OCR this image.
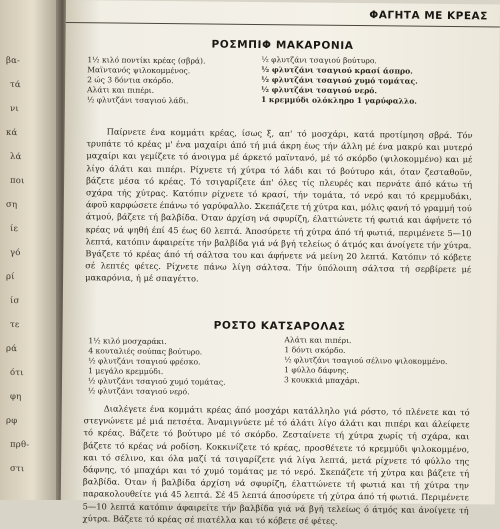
βα-
τά
νι
κά
λά
ποι
ση
ίε
γό
ρί
ίσ
τε
ρά
ότι
φη
ρφ
πρθ-
στι
ΦΑΓΗΤΑ ΜΕ ΚΡΕΑΣ
ΡΟΣΜΠΙΦ ΜΑΚΑΡΟΝΙΑ
1½ κιλό ποντίκι κρέας (σβρά).
Μαϊντανός ψιλοκομμένος.
2 ώς 3 δόντια σκόρδο.
Αλάτι και πιπέρι.
½ φλυτζάνι τσαγιού λάδι.
½ φλυτζάνι τσαγιού βούτυρο.
½ φλυτζάνι τσαγιού κρασί άσπρο.
½ φλυτζάνι τσαγιού χυμό τομάτας.
½ φλυτζάνι τσαγιού νερό.
1 κρεμμύδι ολόκληρο 1 γαρύφαλλο.
Παίρνετε ένα κομμάτι κρέας, ίσως ξ, απ' τό μοσχάρι, κατά προτίμηση σβρά. Τόν τρυπάτε τό κρέας μ' ένα μαχαίρι άπό τή μιά άκρη έως τήν άλλη μέ ένα μακρύ και μυτερό μαχαίρι και γεμίζετε τό άνοιγμα μέ άρκετό μαϊντανό, μέ τό σκόρδο (ψιλοκομμένο) και μέ λίγο άλάτι και πιπέρι. Ρίχνετε τή χύτρα τό λάδι και τό βούτυρο κάι, όταν ζεσταθοῦν, βάζετε μέσα τό κρέας. Τό τσιγαρίζετε άπ' όλες τίς πλευρές και περνάτε άπό κάτω τή σχάρα τής χύτρας. Κατόπιν ρίχνετε τό κρασί, τήν τομάτα, τό νερό και τό κρεμμυδάκι, άφοϋ καρφώσετε έπάνω τό γαρύφαλλο. Σκεπάζετε τή χύτρα και, μόλις φανή τό γραμμή τού άτμού, βάζετε τή βαλβίδα. Όταν άρχίση νά σφυρίζη, έλαττώνετε τή φωτιά και άφήνετε τό κρέας νά ψηθή έπί 45 έως 60 λεπτά. Άποσύρετε τή χύτρα άπό τή φωτιά, περιμένετε 5—10 λεπτά, κατόπιν άφαιρείτε τήν βαλβίδα γιά νά βγή τελείως ό άτμός και άνοίγετε τήν χύτρα. Βγάζετε τό κρέας άπό τή σάλτσα του και άφήνετε νά μείνη 20 λεπτά. Κατόπιν τό κόβετε σέ λεπτές φέτες. Ρίχνετε πάνω λίγη σάλτσα. Τήν ύπόλοιπη σάλτσα τή σερβίρετε μέ μακαρόνια, ή μέ σπαγέττο.
ΡΟΣΤΟ ΚΑΤΣΑΡΟΛΑΣ
1½ κιλό μοσχαράκι.
4 κουταλιές σούπας βούτυρο.
½ φλυτζάνι τσαγιού φρέσκο.
1 μεγάλο κρεμμύδι.
½ φλυτζάνι τσαγιού χυμό τομάτας.
½ φλυτζάνι τσαγιού νερό.
Αλάτι και πιπέρι.
1 δόντι σκόρδο.
½ φλυτζάνι τσαγιού σέλινο ψιλοκομμένο.
1 φύλλο δάφνης.
3 κουκκιά μπαχάρι.
Διαλέγετε ένα κομμάτι κρέας άπό μοσχάρι κατάλληλο γιά ρόστο, τό πλένετε και τό στεγνώνετε μέ μιά πετσέτα. Άναμιγνύετε μέ τό άλάτι λίγο άλάτι και πιπέρι και άλείφετε τό κρέας. Βάζετε τό βούτυρο μέ τό σκόρδο. Ζεσταίνετε τή χύτρα χωρίς τή σχάρα, και βάζετε τό κρέας νά ροδίση. Κοκκινίζετε τό κρέας, προσθέτετε τό κρεμμύδι ψιλοκομμένο, και τό σέλινο, και όλα μαζί τά τσιγαρίζετε γιά λίγα λεπτά, μετά ρίχνετε τό φύλλο της δάφνης, τό μπαχάρι και τό χυμό τομάτας με τό νερό. Σκεπάζετε τή χύτρα και βάζετε τή βαλβίδα. Όταν ή βαλβίδα άρχίση νά σφυρίζη, έλαττώνετε τή φωτιά και τή χύτρα την παρακολουθείτε γιά 45 λεπτά. Σέ 45 λεπτά άποσύρετε τή χύτρα άπό τή φωτιά. Περιμένετε 5—10 λεπτά κατόπιν άφαιρείτε τήν βαλβίδα γιά νά βγή τελείως ό άτμός και άνοίγετε τή χύτρα. Βάζετε τό κρέας σέ πιατέλλα και τό κόβετε σέ φέτες.
